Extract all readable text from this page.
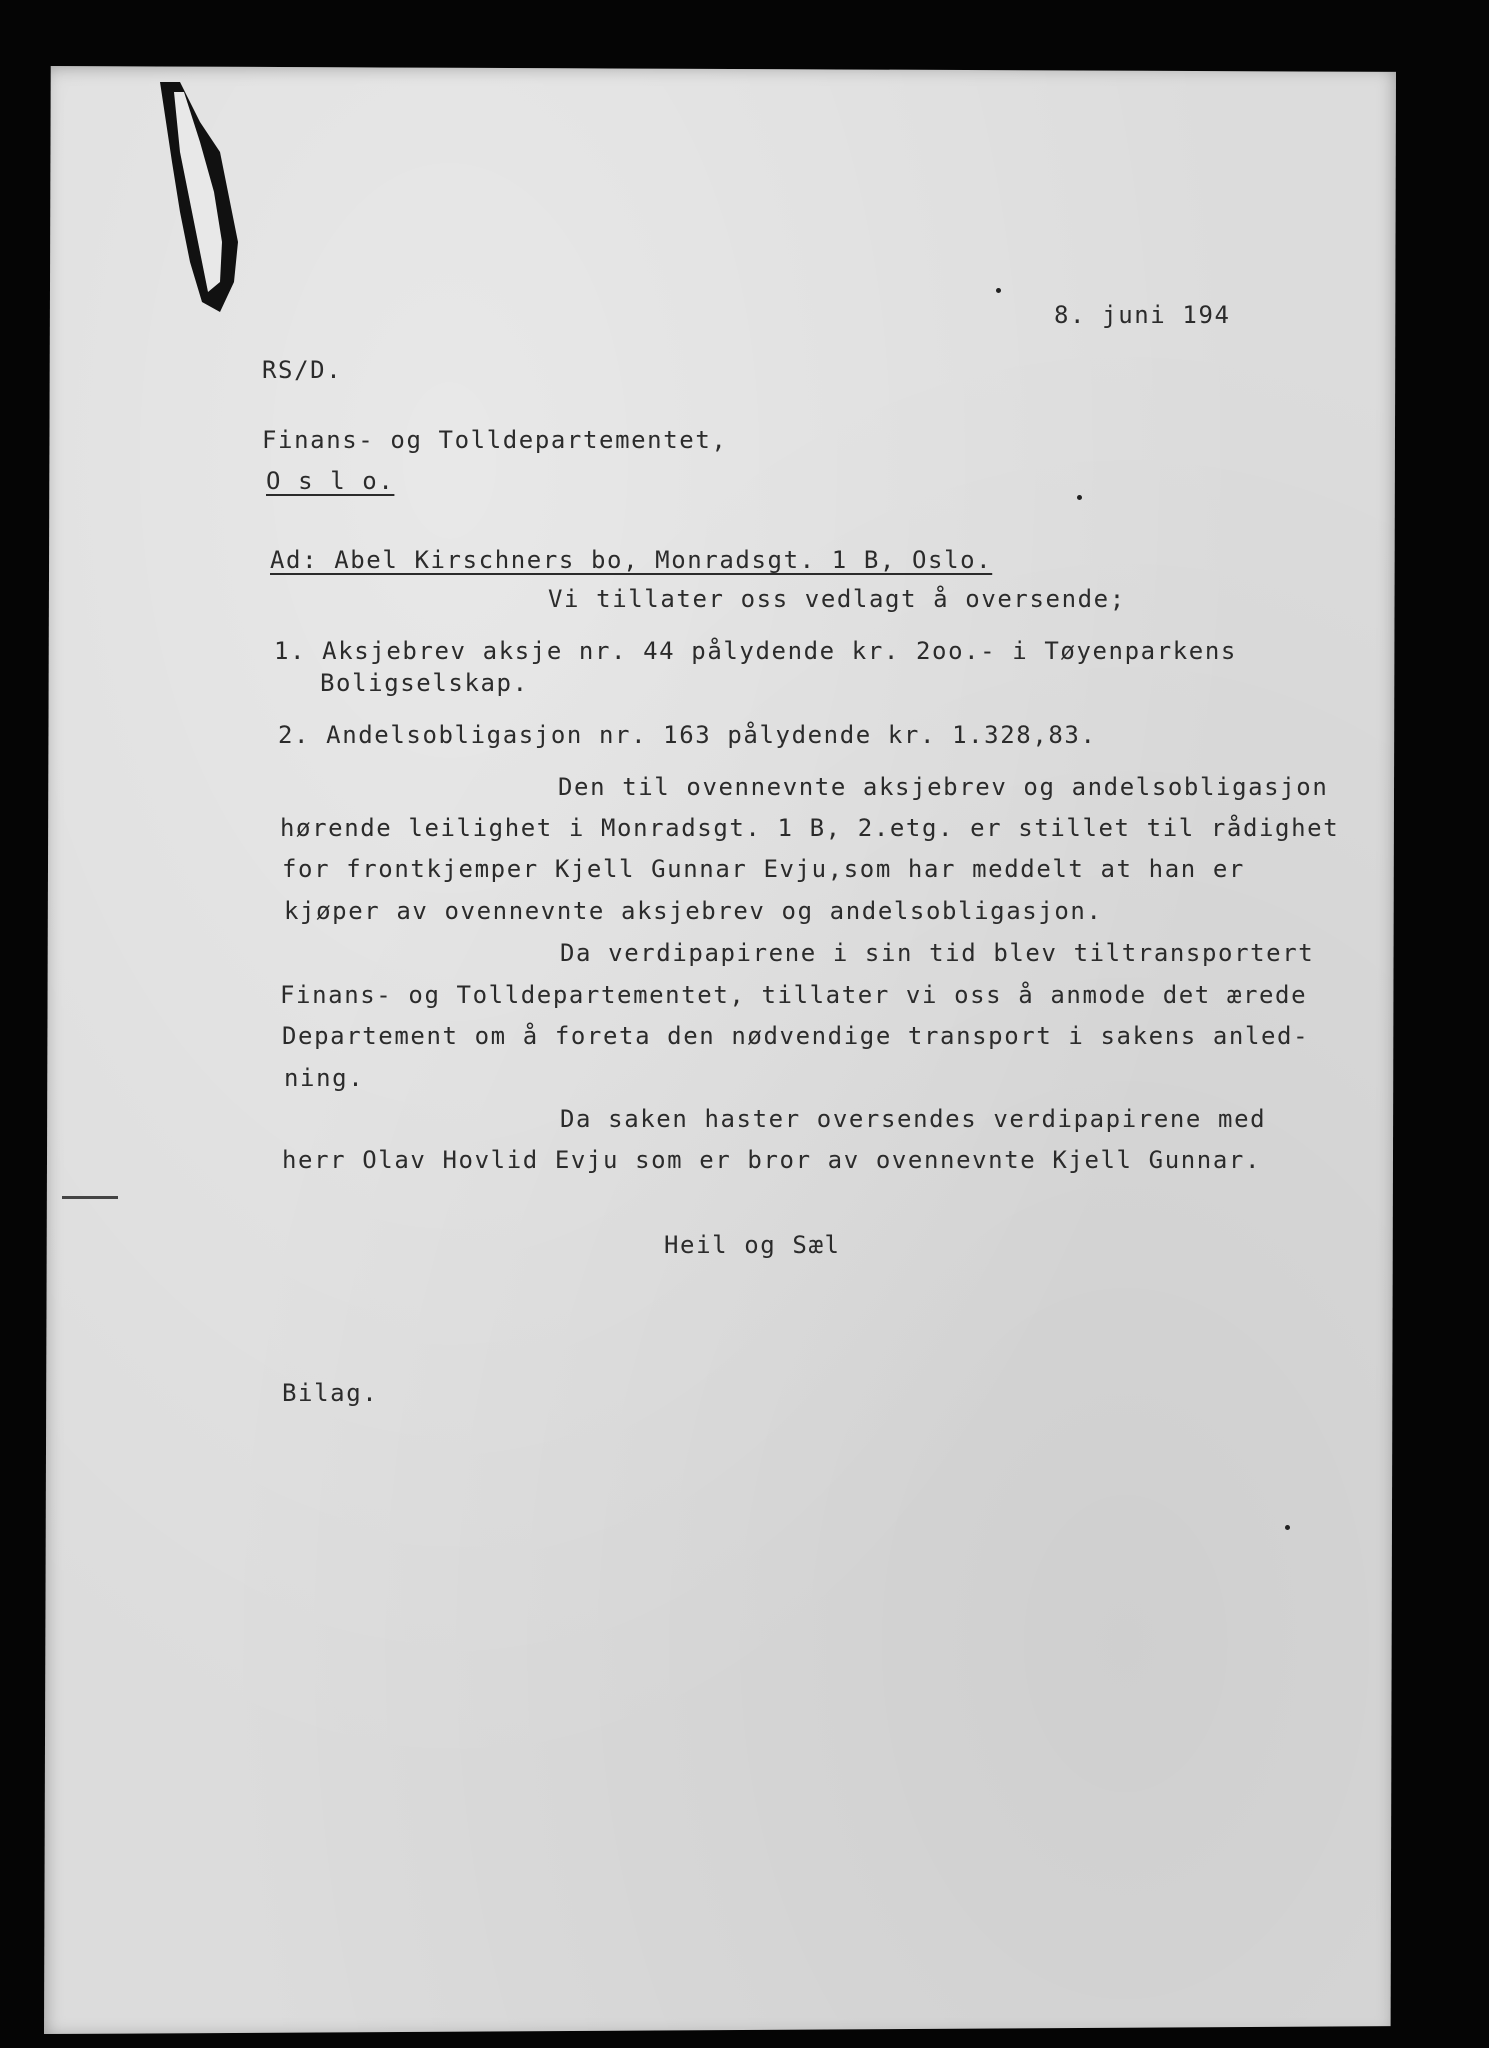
8. juni 194

RS/D.

Finans- og Tolldepartementet,

O s l o.

Ad: Abel Kirschners bo, Monradsgt. 1 B, Oslo.

Vi tillater oss vedlagt å oversende;

1. Aksjebrev aksje nr. 44 pålydende kr. 2oo.- i Tøyenparkens

Boligselskap.

2. Andelsobligasjon nr. 163 pålydende kr. 1.328,83.

Den til ovennevnte aksjebrev og andelsobligasjon

hørende leilighet i Monradsgt. 1 B, 2.etg. er stillet til rådighet

for frontkjemper Kjell Gunnar Evju,som har meddelt at han er

kjøper av ovennevnte aksjebrev og andelsobligasjon.

Da verdipapirene i sin tid blev tiltransportert

Finans- og Tolldepartementet, tillater vi oss å anmode det ærede

Departement om å foreta den nødvendige transport i sakens anled-

ning.

Da saken haster oversendes verdipapirene med

herr Olav Hovlid Evju som er bror av ovennevnte Kjell Gunnar.

Heil og Sæl

Bilag.
